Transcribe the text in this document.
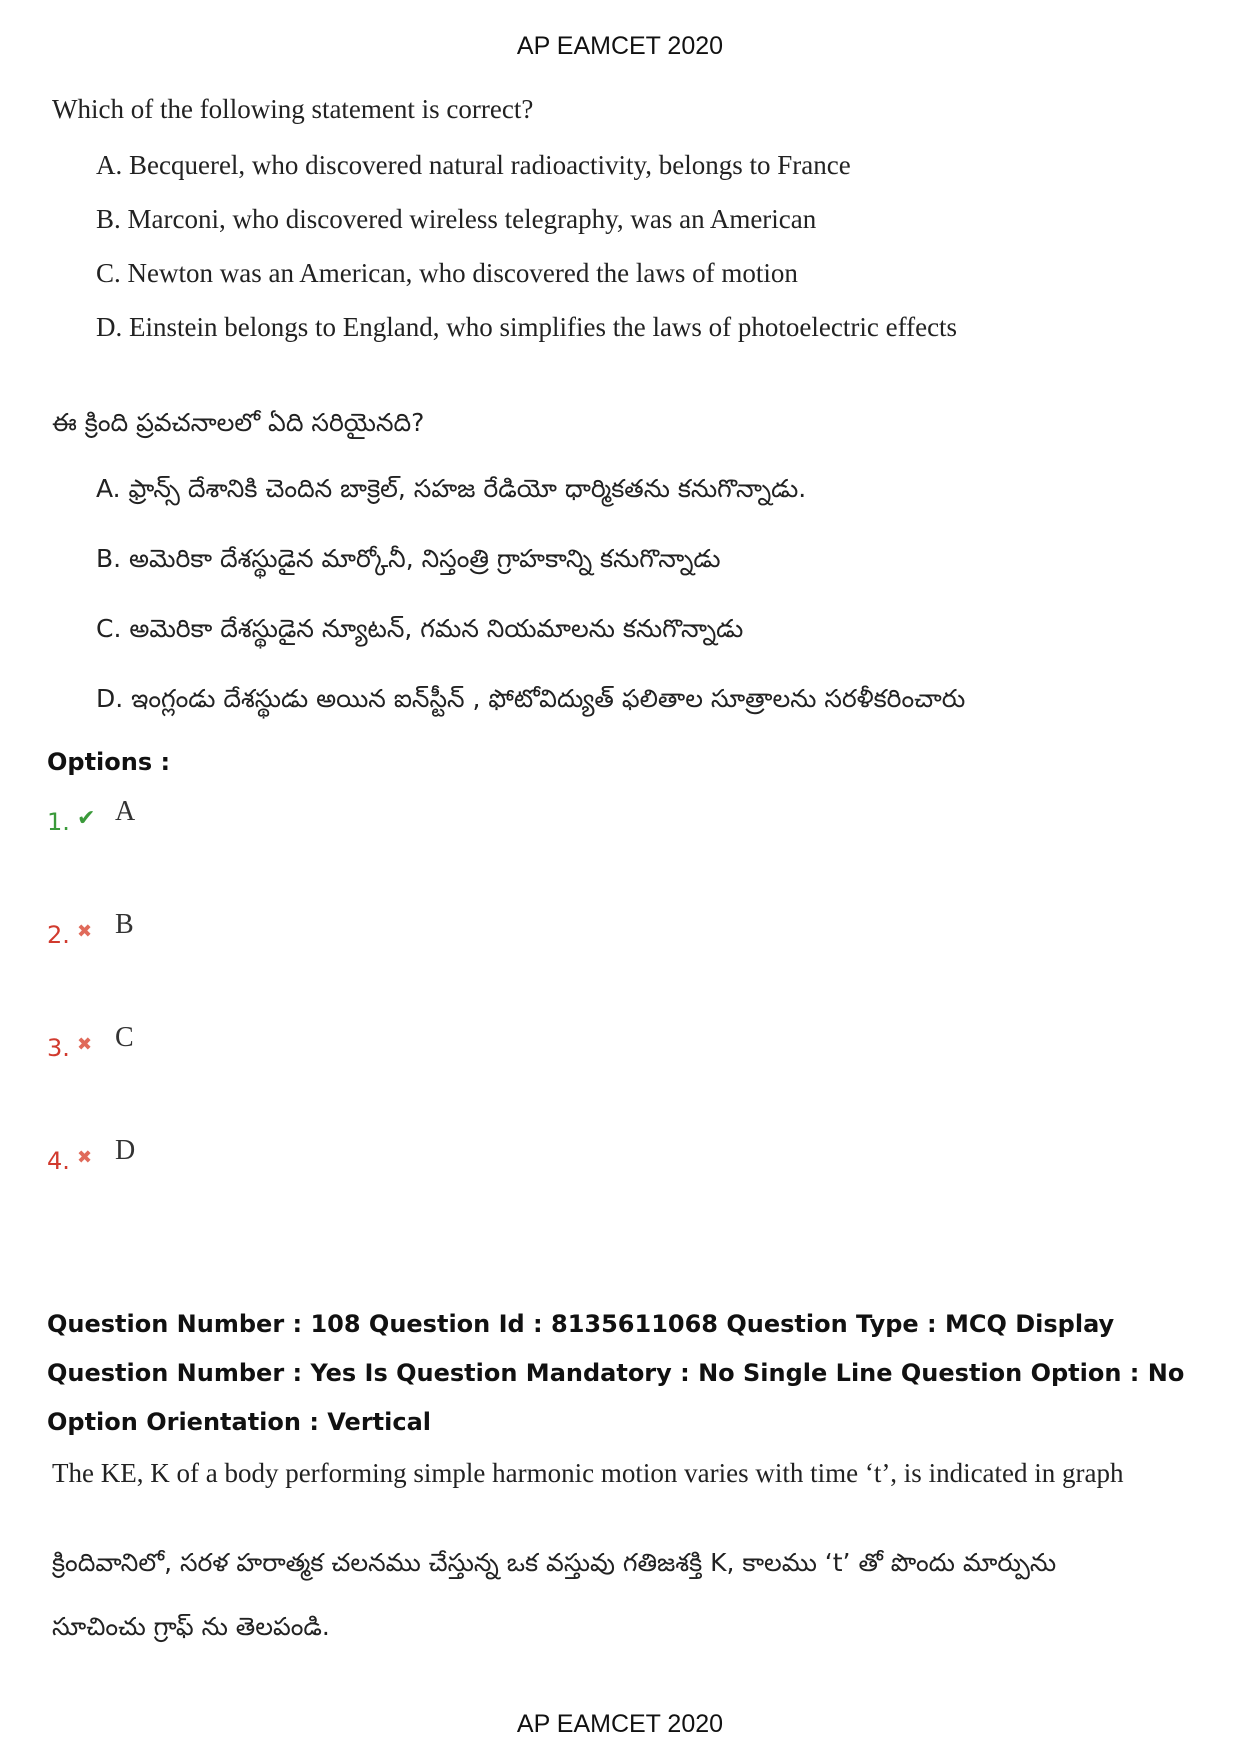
AP EAMCET 2020
Which of the following statement is correct?
A. Becquerel, who discovered natural radioactivity, belongs to France
B. Marconi, who discovered wireless telegraphy, was an American
C. Newton was an American, who discovered the laws of motion
D. Einstein belongs to England, who simplifies the laws of photoelectric effects
ఈ క్రింది ప్రవచనాలలో ఏది సరియైనది?
A. ఫ్రాన్స్ దేశానికి చెందిన బాక్రెల్, సహజ రేడియో ధార్మికతను కనుగొన్నాడు.
B. అమెరికా దేశస్థుడైన మార్కోనీ, నిస్తంత్రి గ్రాహకాన్ని కనుగొన్నాడు
C. అమెరికా దేశస్థుడైన న్యూటన్, గమన నియమాలను కనుగొన్నాడు
D. ఇంగ్లండు దేశస్థుడు అయిన ఐన్‌స్టీన్ , ఫోటోవిద్యుత్ ఫలితాల సూత్రాలను సరళీకరించారు
Options :
1. ✔ A
2. ✖ B
3. ✖ C
4. ✖ D
Question Number : 108 Question Id : 8135611068 Question Type : MCQ Display Question Number : Yes Is Question Mandatory : No Single Line Question Option : No Option Orientation : Vertical
The KE, K of a body performing simple harmonic motion varies with time ‘t’, is indicated in graph
క్రిందివానిలో, సరళ హరాత్మక చలనము చేస్తున్న ఒక వస్తువు గతిజశక్తి K, కాలము ‘t’ తో పొందు మార్పును
సూచించు గ్రాఫ్ ను తెలపండి.
AP EAMCET 2020
